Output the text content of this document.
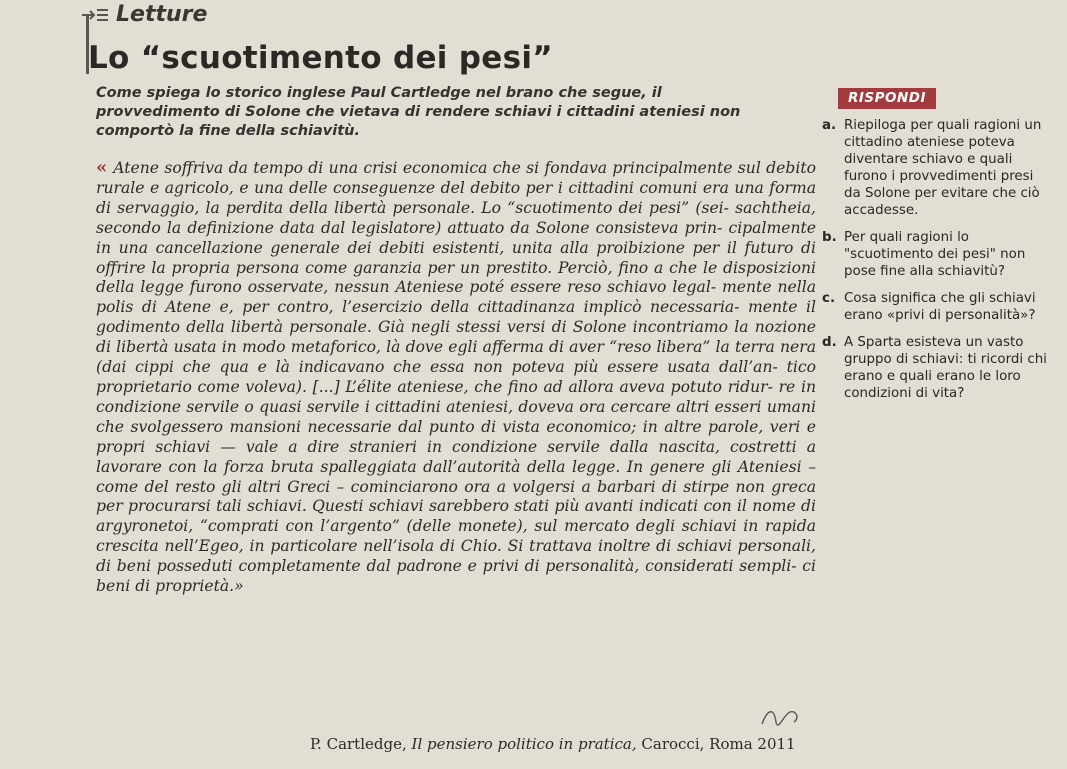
Letture
Lo “scuotimento dei pesi”
Come spiega lo storico inglese Paul Cartledge nel brano che segue, il provvedimento di Solone che vietava di rendere schiavi i cittadini ateniesi non comportò la fine della schiavitù.
« Atene soffriva da tempo di una crisi economica che si fondava principalmente sul debito rurale e agricolo, e una delle conseguenze del debito per i cittadini comuni era una forma di servaggio, la perdita della libertà personale. Lo “scuotimento dei pesi” (sei- sachtheia, secondo la definizione data dal legislatore) attuato da Solone consisteva prin- cipalmente in una cancellazione generale dei debiti esistenti, unita alla proibizione per il futuro di offrire la propria persona come garanzia per un prestito. Perciò, fino a che le disposizioni della legge furono osservate, nessun Ateniese poté essere reso schiavo legal- mente nella polis di Atene e, per contro, l’esercizio della cittadinanza implicò necessaria- mente il godimento della libertà personale. Già negli stessi versi di Solone incontriamo la nozione di libertà usata in modo metaforico, là dove egli afferma di aver “reso libera” la terra nera (dai cippi che qua e là indicavano che essa non poteva più essere usata dall’an- tico proprietario come voleva). [...] L’élite ateniese, che fino ad allora aveva potuto ridur- re in condizione servile o quasi servile i cittadini ateniesi, doveva ora cercare altri esseri umani che svolgessero mansioni necessarie dal punto di vista economico; in altre parole, veri e propri schiavi — vale a dire stranieri in condizione servile dalla nascita, costretti a lavorare con la forza bruta spalleggiata dall’autorità della legge. In genere gli Ateniesi – come del resto gli altri Greci – cominciarono ora a volgersi a barbari di stirpe non greca per procurarsi tali schiavi. Questi schiavi sarebbero stati più avanti indicati con il nome di argyronetoi, “comprati con l’argento” (delle monete), sul mercato degli schiavi in rapida crescita nell’Egeo, in particolare nell’isola di Chio. Si trattava inoltre di schiavi personali, di beni posseduti completamente dal padrone e privi di personalità, considerati sempli- ci beni di proprietà.»
P. Cartledge, Il pensiero politico in pratica, Carocci, Roma 2011
RISPONDI
a. Riepiloga per quali ragioni un cittadino ateniese poteva diventare schiavo e quali furono i provvedimenti presi da Solone per evitare che ciò accadesse.
b. Per quali ragioni lo "scuotimento dei pesi" non pose fine alla schiavitù?
c. Cosa significa che gli schiavi erano «privi di personalità»?
d. A Sparta esisteva un vasto gruppo di schiavi: ti ricordi chi erano e quali erano le loro condizioni di vita?
